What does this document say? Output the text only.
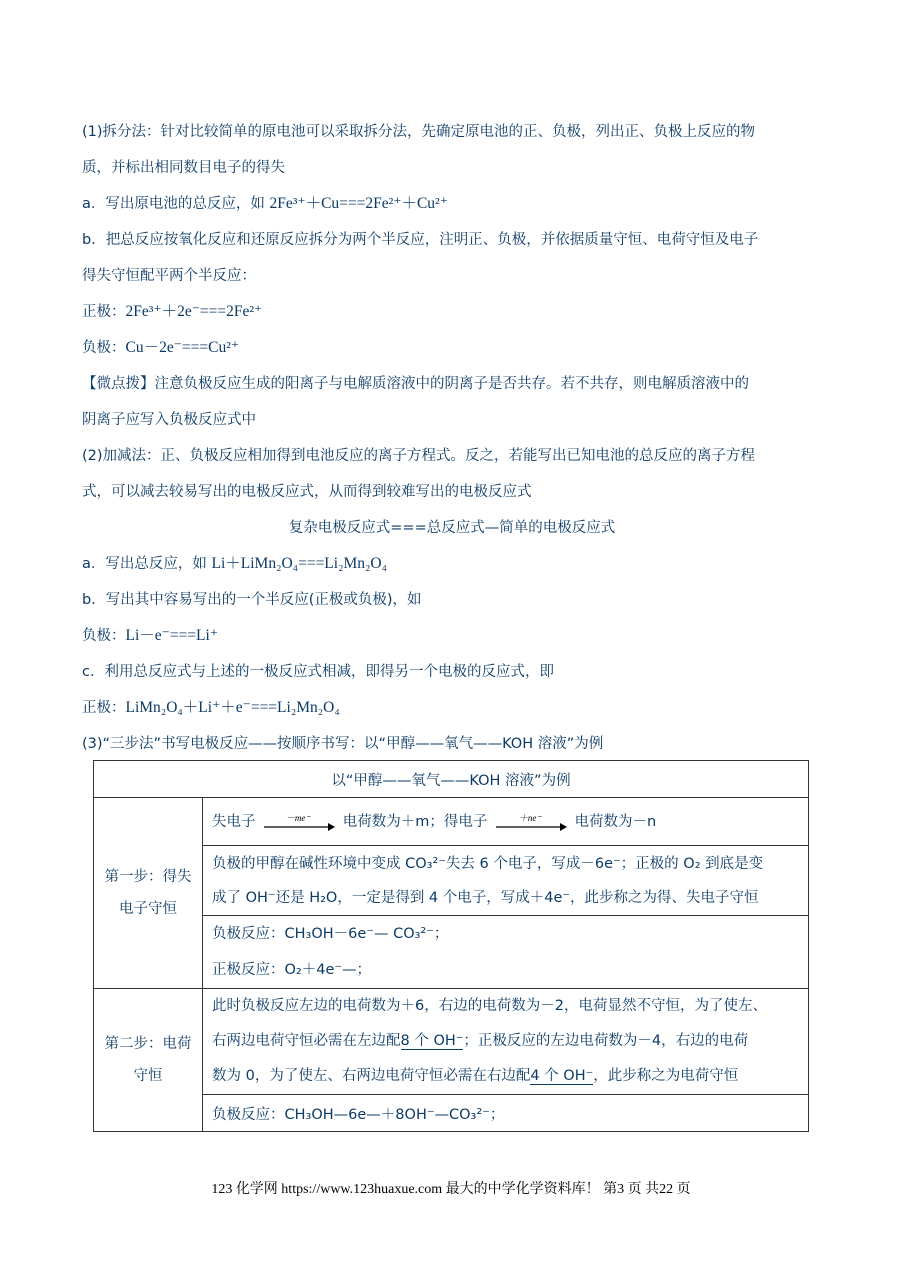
(1)拆分法：针对比较简单的原电池可以采取拆分法，先确定原电池的正、负极，列出正、负极上反应的物
质，并标出相同数目电子的得失
a．写出原电池的总反应，如 2Fe³⁺＋Cu===2Fe²⁺＋Cu²⁺
b．把总反应按氧化反应和还原反应拆分为两个半反应，注明正、负极，并依据质量守恒、电荷守恒及电子
得失守恒配平两个半反应：
正极：2Fe³⁺＋2e⁻===2Fe²⁺
负极：Cu－2e⁻===Cu²⁺
【微点拨】注意负极反应生成的阳离子与电解质溶液中的阴离子是否共存。若不共存，则电解质溶液中的
阴离子应写入负极反应式中
(2)加减法：正、负极反应相加得到电池反应的离子方程式。反之，若能写出已知电池的总反应的离子方程
式，可以减去较易写出的电极反应式，从而得到较难写出的电极反应式
复杂电极反应式===总反应式—简单的电极反应式
a．写出总反应，如 Li＋LiMn₂O₄===Li₂Mn₂O₄
b．写出其中容易写出的一个半反应(正极或负极)，如
负极：Li－e⁻===Li⁺
c．利用总反应式与上述的一极反应式相减，即得另一个电极的反应式，即
正极：LiMn₂O₄＋Li⁺＋e⁻===Li₂Mn₂O₄
(3)“三步法”书写电极反应——按顺序书写：以“甲醇——氧气——KOH 溶液”为例
以“甲醇——氧气——KOH 溶液”为例	
第一步：得失电子守恒	失电子 －me⁻ 电荷数为＋m；得电子 ＋ne⁻ 电荷数为－n

	负极的甲醇在碱性环境中变成 CO₃²⁻失去 6 个电子，写成－6e⁻；正极的 O₂ 到底是变
成了 OH⁻还是 H₂O，一定是得到 4 个电子，写成＋4e⁻，此步称之为得、失电子守恒

	负极反应：CH₃OH－6e⁻— CO₃²⁻；
正极反应：O₂＋4e⁻—；

第二步：电荷守恒	此时负极反应左边的电荷数为＋6，右边的电荷数为－2，电荷显然不守恒，为了使左、
右两边电荷守恒必需在左边配8 个 OH⁻；正极反应的左边电荷数为－4，右边的电荷
数为 0，为了使左、右两边电荷守恒必需在右边配4 个 OH⁻，此步称之为电荷守恒

	负极反应：CH₃OH—6e—＋8OH⁻—CO₃²⁻；
123 化学网 https://www.123huaxue.com 最大的中学化学资料库！ 第3 页 共22 页
